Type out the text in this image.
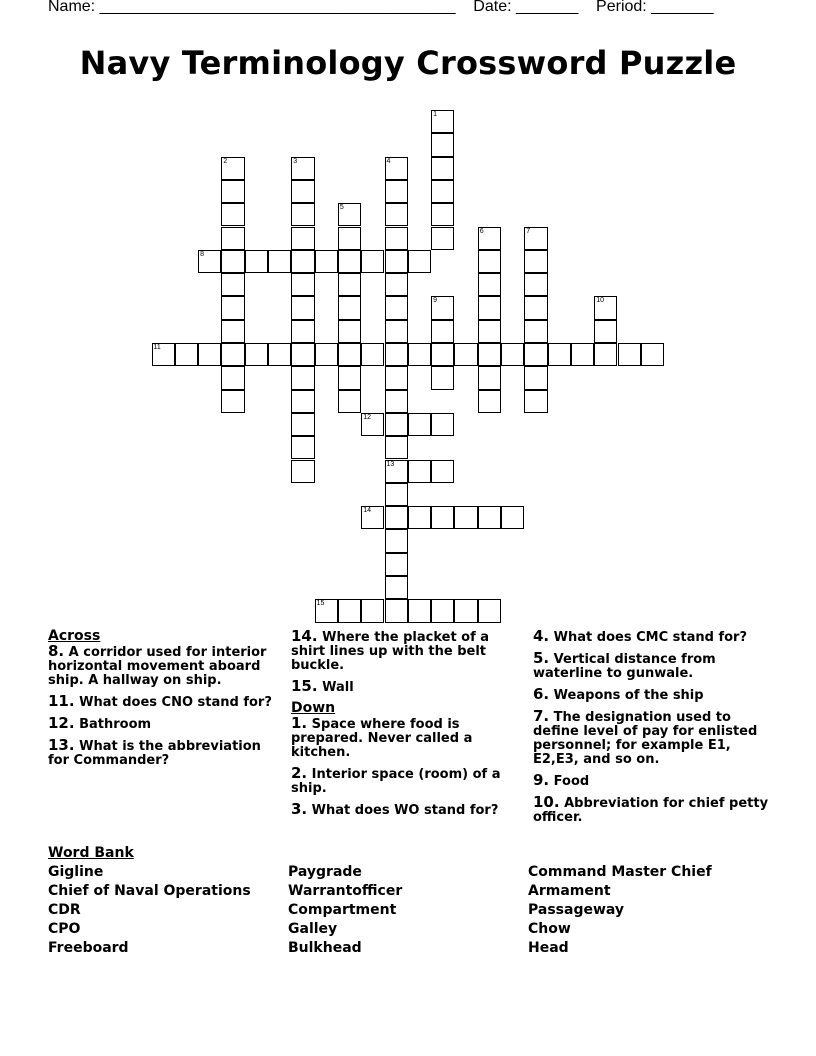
Name: ________________________________________    Date: _______    Period: _______
Navy Terminology Crossword Puzzle
1
2	3	4
13
5
6	7
8
9	10
11
12
14
15
Across
8. A corridor used for interior horizontal movement aboard ship. A hallway on ship.
11. What does CNO stand for?
12. Bathroom
13. What is the abbreviation for Commander?
14. Where the placket of a shirt lines up with the belt buckle.
15. Wall
Down
1. Space where food is prepared. Never called a kitchen.
2. Interior space (room) of a ship.
3. What does WO stand for?
4. What does CMC stand for?
5. Vertical distance from waterline to gunwale.
6. Weapons of the ship
7. The designation used to define level of pay for enlisted personnel; for example E1, E2,E3, and so on.
9. Food
10. Abbreviation for chief petty officer.
Word Bank
Gigline
Chief of Naval Operations
CDR
CPO
Freeboard
Paygrade
Warrantofficer
Compartment
Galley
Bulkhead
Command Master Chief
Armament
Passageway
Chow
Head
